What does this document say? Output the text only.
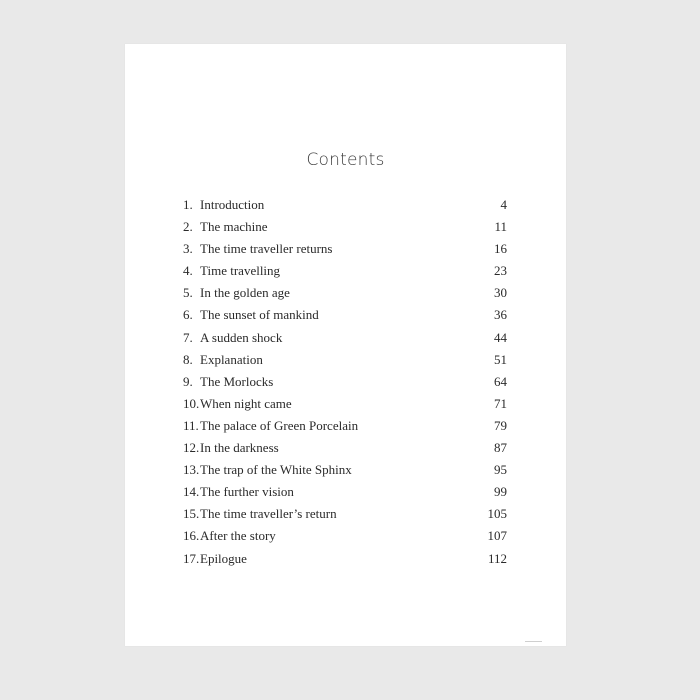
Contents
1. Introduction	4
2. The machine	11
3. The time traveller returns	16
4. Time travelling	23
5. In the golden age	30
6. The sunset of mankind	36
7. A sudden shock	44
8. Explanation	51
9. The Morlocks	64
10. When night came	71
11. The palace of Green Porcelain	79
12. In the darkness	87
13. The trap of the White Sphinx	95
14. The further vision	99
15. The time traveller’s return	105
16. After the story	107
17. Epilogue	112
